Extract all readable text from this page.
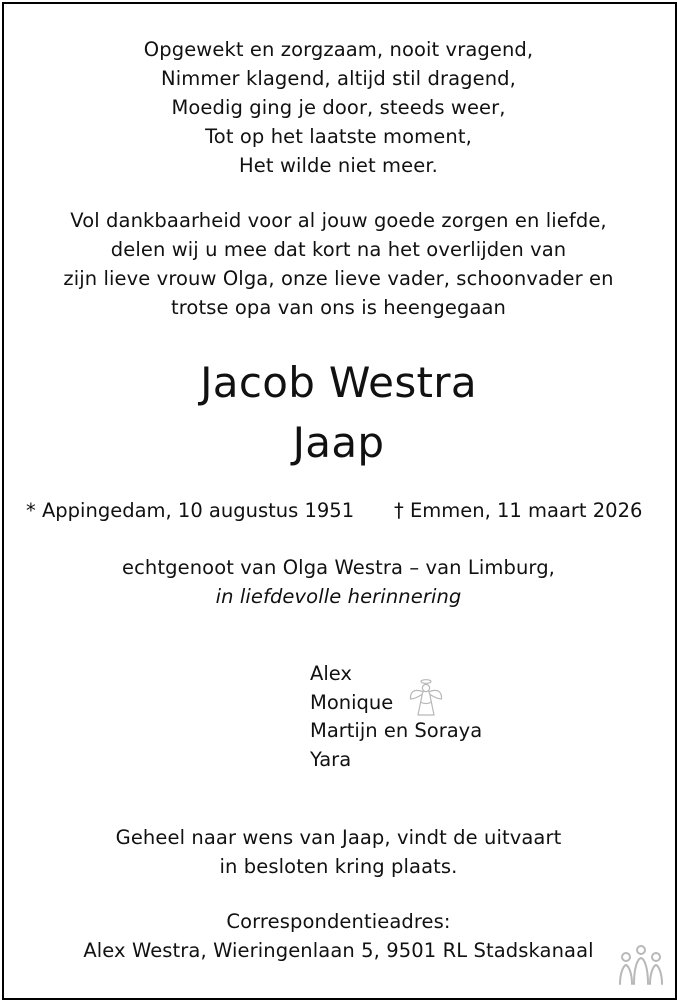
Opgewekt en zorgzaam, nooit vragend,
Nimmer klagend, altijd stil dragend,
Moedig ging je door, steeds weer,
Tot op het laatste moment,
Het wilde niet meer.
Vol dankbaarheid voor al jouw goede zorgen en liefde,
delen wij u mee dat kort na het overlijden van
zijn lieve vrouw Olga, onze lieve vader, schoonvader en
trotse opa van ons is heengegaan
Jacob Westra
Jaap
* Appingedam, 10 augustus 1951 † Emmen, 11 maart 2026
echtgenoot van Olga Westra – van Limburg,
in liefdevolle herinnering
Alex
Monique
Martijn en Soraya
Yara
Geheel naar wens van Jaap, vindt de uitvaart
in besloten kring plaats.
Correspondentieadres:
Alex Westra, Wieringenlaan 5, 9501 RL Stadskanaal
